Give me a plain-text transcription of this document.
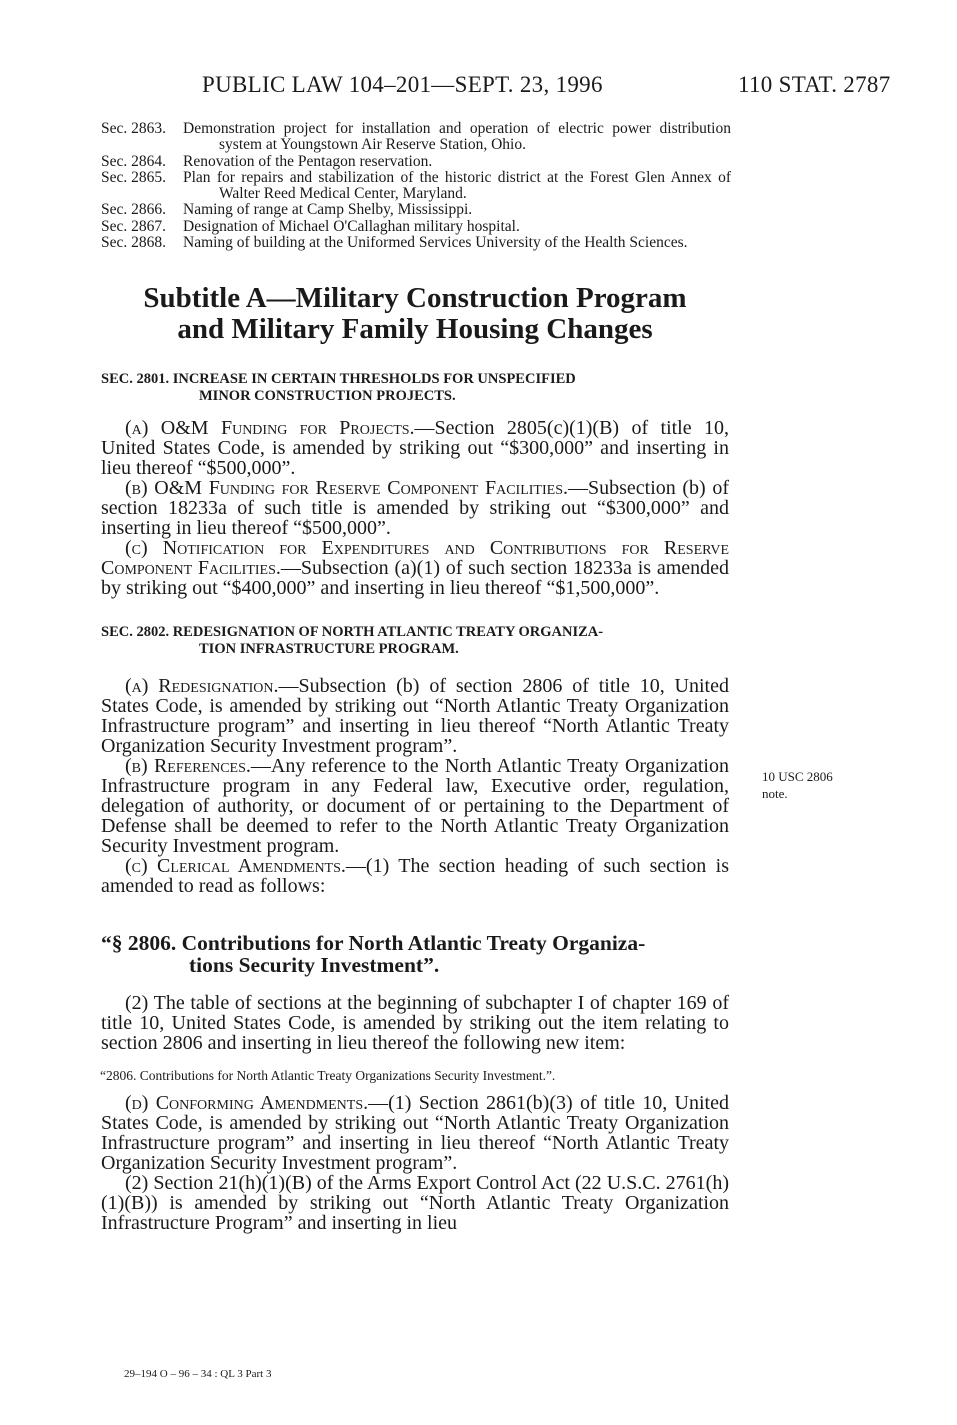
PUBLIC LAW 104–201—SEPT. 23, 1996	110 STAT. 2787
Sec. 2863.	Demonstration project for installation and operation of electric power distribution system at Youngstown Air Reserve Station, Ohio.
Sec. 2864.	Renovation of the Pentagon reservation.
Sec. 2865.	Plan for repairs and stabilization of the historic district at the Forest Glen Annex of Walter Reed Medical Center, Maryland.
Sec. 2866.	Naming of range at Camp Shelby, Mississippi.
Sec. 2867.	Designation of Michael O'Callaghan military hospital.
Sec. 2868.	Naming of building at the Uniformed Services University of the Health Sciences.
Subtitle A—Military Construction Program
and Military Family Housing Changes
SEC. 2801. INCREASE IN CERTAIN THRESHOLDS FOR UNSPECIFIED
MINOR CONSTRUCTION PROJECTS.

(a) O&M Funding for Projects.—Section 2805(c)(1)(B) of title 10, United States Code, is amended by striking out “$300,000” and inserting in lieu thereof “$500,000”.

(b) O&M Funding for Reserve Component Facilities.—Subsection (b) of section 18233a of such title is amended by striking out “$300,000” and inserting in lieu thereof “$500,000”.

(c) Notification for Expenditures and Contributions for Reserve Component Facilities.—Subsection (a)(1) of such section 18233a is amended by striking out “$400,000” and inserting in lieu thereof “$1,500,000”.

SEC. 2802. REDESIGNATION OF NORTH ATLANTIC TREATY ORGANIZA-
TION INFRASTRUCTURE PROGRAM.

(a) Redesignation.—Subsection (b) of section 2806 of title 10, United States Code, is amended by striking out “North Atlantic Treaty Organization Infrastructure program” and inserting in lieu thereof “North Atlantic Treaty Organization Security Investment program”.

(b) References.—Any reference to the North Atlantic Treaty Organization Infrastructure program in any Federal law, Executive order, regulation, delegation of authority, or document of or pertaining to the Department of Defense shall be deemed to refer to the North Atlantic Treaty Organization Security Investment program.

(c) Clerical Amendments.—(1) The section heading of such section is amended to read as follows:

10 USC 2806
note.
“§ 2806. Contributions for North Atlantic Treaty Organiza-
tions Security Investment”.

(2) The table of sections at the beginning of subchapter I of chapter 169 of title 10, United States Code, is amended by striking out the item relating to section 2806 and inserting in lieu thereof the following new item:

“2806. Contributions for North Atlantic Treaty Organizations Security Investment.”.

(d) Conforming Amendments.—(1) Section 2861(b)(3) of title 10, United States Code, is amended by striking out “North Atlantic Treaty Organization Infrastructure program” and inserting in lieu thereof “North Atlantic Treaty Organization Security Investment program”.

(2) Section 21(h)(1)(B) of the Arms Export Control Act (22 U.S.C. 2761(h)(1)(B)) is amended by striking out “North Atlantic Treaty Organization Infrastructure Program” and inserting in lieu

29–194 O – 96 – 34 : QL 3 Part 3
